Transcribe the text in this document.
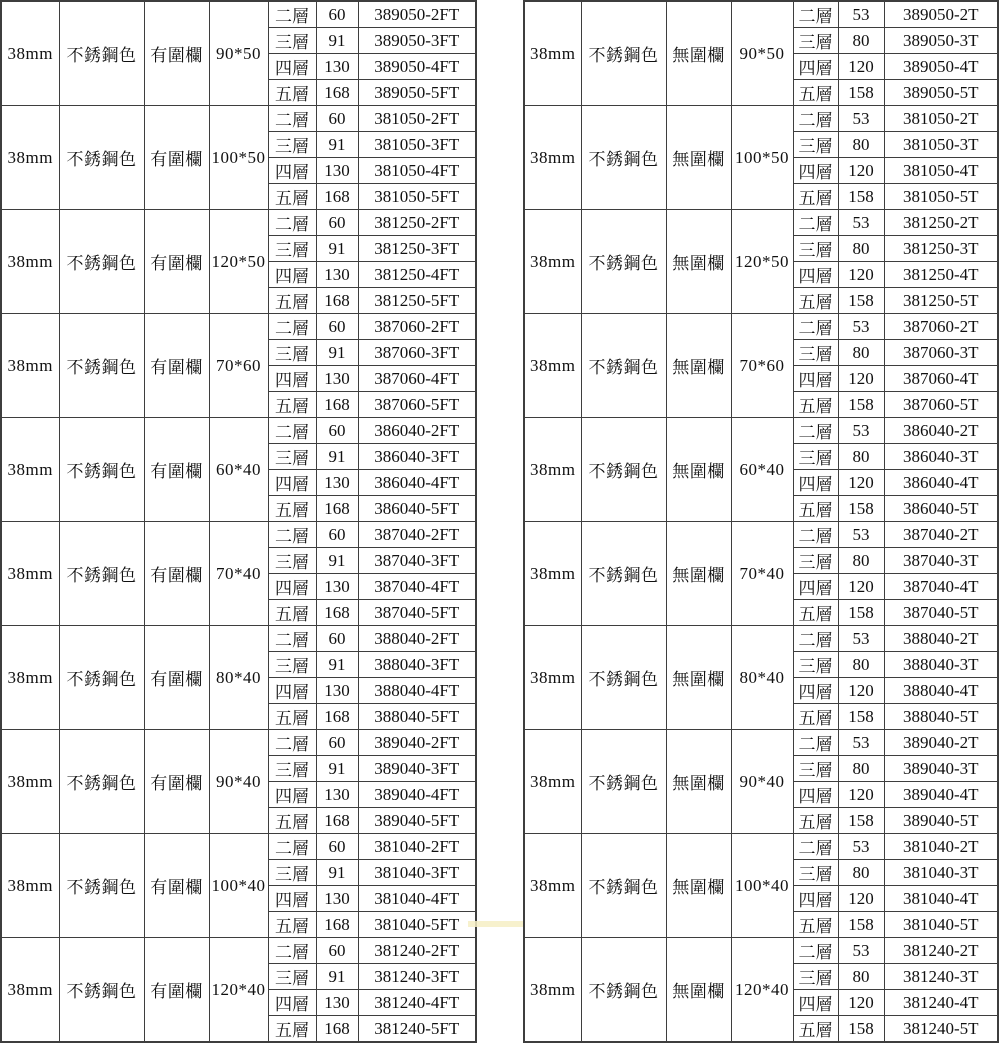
38mm	不銹鋼色	有圍欄	90*50	二層	60	389050-2FT
				三層	91	389050-3FT
				四層	130	389050-4FT
				五層	168	389050-5FT
38mm	不銹鋼色	有圍欄	100*50	二層	60	381050-2FT
				三層	91	381050-3FT
				四層	130	381050-4FT
				五層	168	381050-5FT
38mm	不銹鋼色	有圍欄	120*50	二層	60	381250-2FT
				三層	91	381250-3FT
				四層	130	381250-4FT
				五層	168	381250-5FT
38mm	不銹鋼色	有圍欄	70*60	二層	60	387060-2FT
				三層	91	387060-3FT
				四層	130	387060-4FT
				五層	168	387060-5FT
38mm	不銹鋼色	有圍欄	60*40	二層	60	386040-2FT
				三層	91	386040-3FT
				四層	130	386040-4FT
				五層	168	386040-5FT
38mm	不銹鋼色	有圍欄	70*40	二層	60	387040-2FT
				三層	91	387040-3FT
				四層	130	387040-4FT
				五層	168	387040-5FT
38mm	不銹鋼色	有圍欄	80*40	二層	60	388040-2FT
				三層	91	388040-3FT
				四層	130	388040-4FT
				五層	168	388040-5FT
38mm	不銹鋼色	有圍欄	90*40	二層	60	389040-2FT
				三層	91	389040-3FT
				四層	130	389040-4FT
				五層	168	389040-5FT
38mm	不銹鋼色	有圍欄	100*40	二層	60	381040-2FT
				三層	91	381040-3FT
				四層	130	381040-4FT
				五層	168	381040-5FT
38mm	不銹鋼色	有圍欄	120*40	二層	60	381240-2FT
				三層	91	381240-3FT
				四層	130	381240-4FT
				五層	168	381240-5FT
38mm	不銹鋼色	無圍欄	90*50	二層	53	389050-2T
				三層	80	389050-3T
				四層	120	389050-4T
				五層	158	389050-5T
38mm	不銹鋼色	無圍欄	100*50	二層	53	381050-2T
				三層	80	381050-3T
				四層	120	381050-4T
				五層	158	381050-5T
38mm	不銹鋼色	無圍欄	120*50	二層	53	381250-2T
				三層	80	381250-3T
				四層	120	381250-4T
				五層	158	381250-5T
38mm	不銹鋼色	無圍欄	70*60	二層	53	387060-2T
				三層	80	387060-3T
				四層	120	387060-4T
				五層	158	387060-5T
38mm	不銹鋼色	無圍欄	60*40	二層	53	386040-2T
				三層	80	386040-3T
				四層	120	386040-4T
				五層	158	386040-5T
38mm	不銹鋼色	無圍欄	70*40	二層	53	387040-2T
				三層	80	387040-3T
				四層	120	387040-4T
				五層	158	387040-5T
38mm	不銹鋼色	無圍欄	80*40	二層	53	388040-2T
				三層	80	388040-3T
				四層	120	388040-4T
				五層	158	388040-5T
38mm	不銹鋼色	無圍欄	90*40	二層	53	389040-2T
				三層	80	389040-3T
				四層	120	389040-4T
				五層	158	389040-5T
38mm	不銹鋼色	無圍欄	100*40	二層	53	381040-2T
				三層	80	381040-3T
				四層	120	381040-4T
				五層	158	381040-5T
38mm	不銹鋼色	無圍欄	120*40	二層	53	381240-2T
				三層	80	381240-3T
				四層	120	381240-4T
				五層	158	381240-5T
